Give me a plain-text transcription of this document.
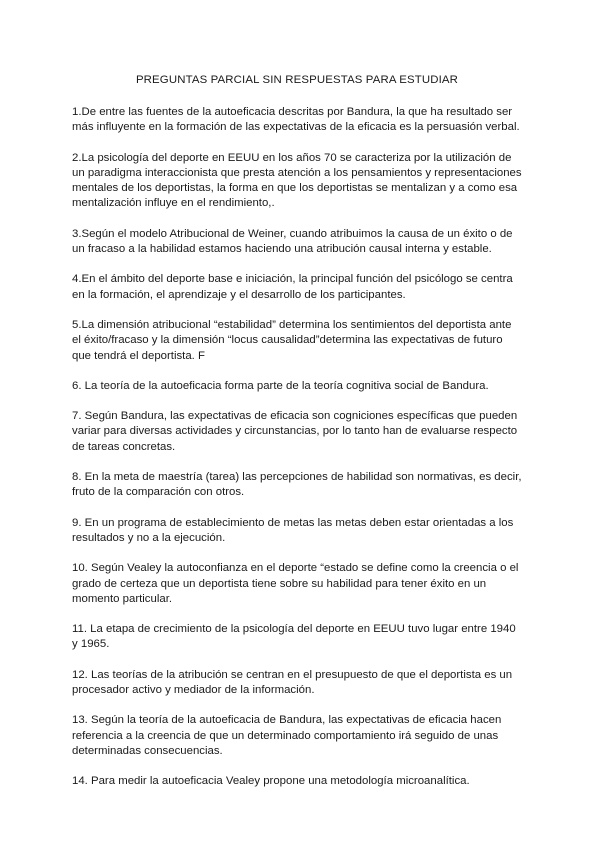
PREGUNTAS PARCIAL SIN RESPUESTAS PARA ESTUDIAR
1.De entre las fuentes de la autoeficacia descritas por Bandura, la que ha resultado ser más influyente en la formación de las expectativas de la eficacia es la persuasión verbal.
2.La psicología del deporte en EEUU en los años 70 se caracteriza por la utilización de un paradigma interaccionista que presta atención a los pensamientos y representaciones mentales de los deportistas, la forma en que los deportistas se mentalizan y a como esa mentalización influye en el rendimiento,.
3.Según el modelo Atribucional de Weiner, cuando atribuimos la causa de un éxito o de un fracaso a la habilidad estamos haciendo una atribución causal interna y estable.
4.En el ámbito del deporte base e iniciación, la principal función del psicólogo se centra en la formación, el aprendizaje y el desarrollo de los participantes.
5.La dimensión atribucional “estabilidad” determina los sentimientos del deportista ante el éxito/fracaso y la dimensión “locus causalidad”determina las expectativas de futuro que tendrá el deportista. F
6. La teoría de la autoeficacia forma parte de la teoría cognitiva social de Bandura.
7. Según Bandura, las expectativas de eficacia son cogniciones específicas que pueden variar para diversas actividades y circunstancias, por lo tanto han de evaluarse respecto de tareas concretas.
8. En la meta de maestría (tarea) las percepciones de habilidad son normativas, es decir, fruto de la comparación con otros.
9. En un programa de establecimiento de metas las metas deben estar orientadas a los resultados y no a la ejecución.
10. Según Vealey la autoconfianza en el deporte “estado se define como la creencia o el grado de certeza que un deportista tiene sobre su habilidad para tener éxito en un momento particular.
11. La etapa de crecimiento de la psicología del deporte en EEUU tuvo lugar entre 1940 y 1965.
12. Las teorías de la atribución se centran en el presupuesto de que el deportista es un procesador activo y mediador de la información.
13. Según la teoría de la autoeficacia de Bandura, las expectativas de eficacia hacen referencia a la creencia de que un determinado comportamiento irá seguido de unas determinadas consecuencias.
14. Para medir la autoeficacia Vealey propone una metodología microanalítica.
